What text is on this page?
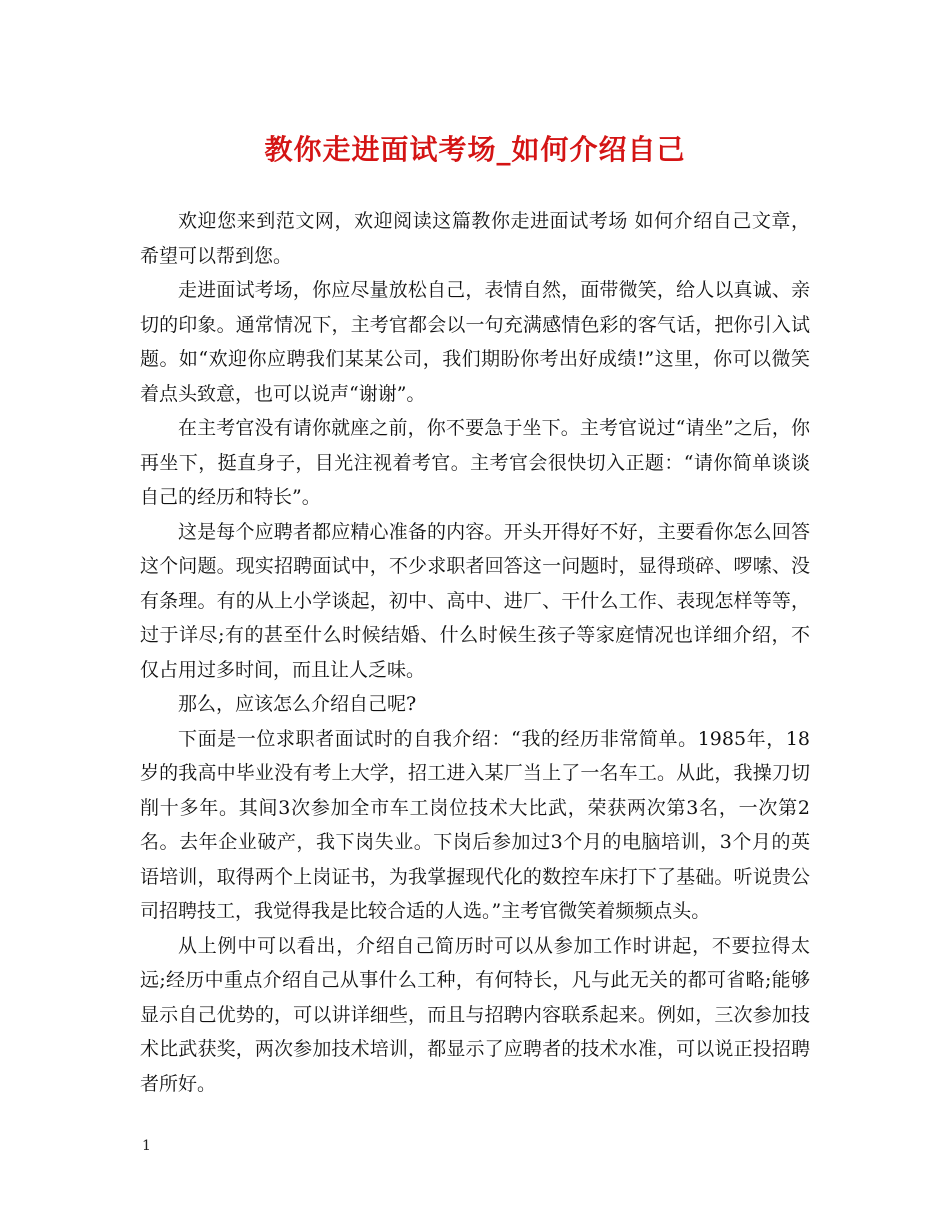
教你走进面试考场_如何介绍自己

欢迎您来到范文网，欢迎阅读这篇教你走进面试考场 如何介绍自己文章，希望可以帮到您。

走进面试考场，你应尽量放松自己，表情自然，面带微笑，给人以真诚、亲切的印象。通常情况下，主考官都会以一句充满感情色彩的客气话，把你引入试题。如“欢迎你应聘我们某某公司，我们期盼你考出好成绩!”这里，你可以微笑着点头致意，也可以说声“谢谢”。

在主考官没有请你就座之前，你不要急于坐下。主考官说过“请坐”之后，你再坐下，挺直身子，目光注视着考官。主考官会很快切入正题：“请你简单谈谈自己的经历和特长”。

这是每个应聘者都应精心准备的内容。开头开得好不好，主要看你怎么回答这个问题。现实招聘面试中，不少求职者回答这一问题时，显得琐碎、啰嗦、没有条理。有的从上小学谈起，初中、高中、进厂、干什么工作、表现怎样等等，过于详尽;有的甚至什么时候结婚、什么时候生孩子等家庭情况也详细介绍，不仅占用过多时间，而且让人乏味。

那么，应该怎么介绍自己呢?

下面是一位求职者面试时的自我介绍：“我的经历非常简单。1985年，18岁的我高中毕业没有考上大学，招工进入某厂当上了一名车工。从此，我操刀切削十多年。其间3次参加全市车工岗位技术大比武，荣获两次第3名，一次第2名。去年企业破产，我下岗失业。下岗后参加过3个月的电脑培训，3个月的英语培训，取得两个上岗证书，为我掌握现代化的数控车床打下了基础。听说贵公司招聘技工，我觉得我是比较合适的人选。”主考官微笑着频频点头。

从上例中可以看出，介绍自己简历时可以从参加工作时讲起，不要拉得太远;经历中重点介绍自己从事什么工种，有何特长，凡与此无关的都可省略;能够显示自己优势的，可以讲详细些，而且与招聘内容联系起来。例如，三次参加技术比武获奖，两次参加技术培训，都显示了应聘者的技术水准，可以说正投招聘者所好。

1
